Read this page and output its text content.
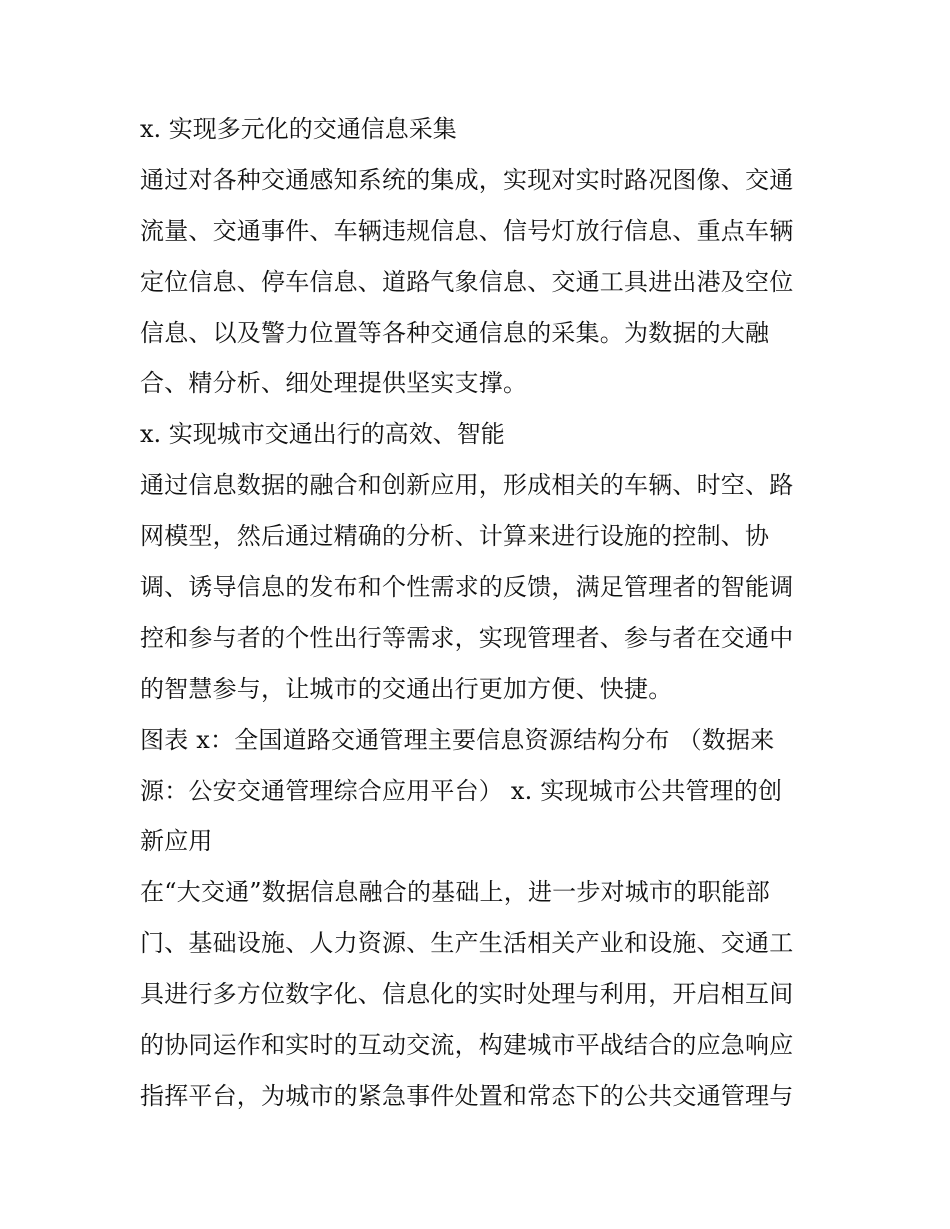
x. 实现多元化的交通信息采集
通过对各种交通感知系统的集成，实现对实时路况图像、交通
流量、交通事件、车辆违规信息、信号灯放行信息、重点车辆
定位信息、停车信息、道路气象信息、交通工具进出港及空位
信息、以及警力位置等各种交通信息的采集。为数据的大融
合、精分析、细处理提供坚实支撑。
x. 实现城市交通出行的高效、智能
通过信息数据的融合和创新应用，形成相关的车辆、时空、路
网模型，然后通过精确的分析、计算来进行设施的控制、协
调、诱导信息的发布和个性需求的反馈，满足管理者的智能调
控和参与者的个性出行等需求，实现管理者、参与者在交通中
的智慧参与，让城市的交通出行更加方便、快捷。
图表 x：全国道路交通管理主要信息资源结构分布 （数据来
源：公安交通管理综合应用平台） x. 实现城市公共管理的创
新应用
在“大交通”数据信息融合的基础上，进一步对城市的职能部
门、基础设施、人力资源、生产生活相关产业和设施、交通工
具进行多方位数字化、信息化的实时处理与利用，开启相互间
的协同运作和实时的互动交流，构建城市平战结合的应急响应
指挥平台，为城市的紧急事件处置和常态下的公共交通管理与
